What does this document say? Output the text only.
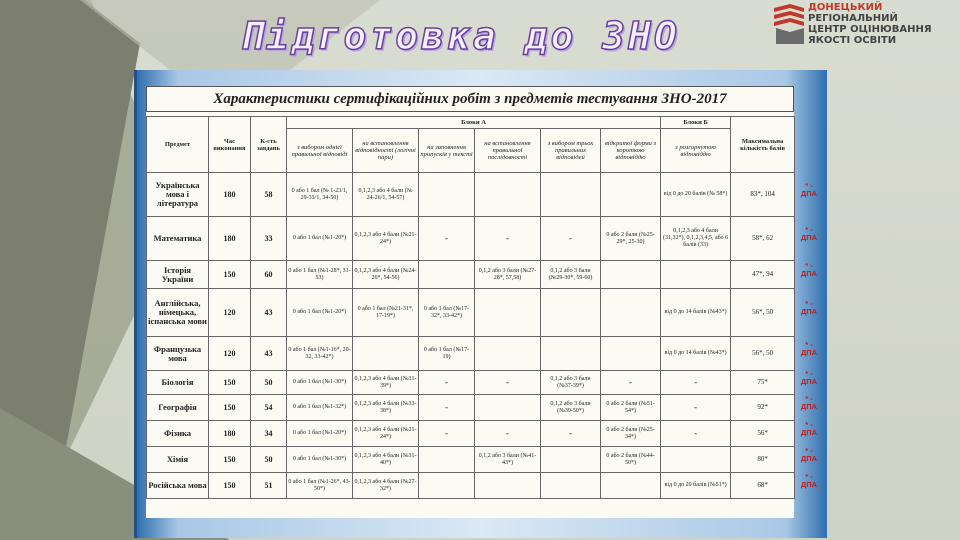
Підготовка до ЗНО
ДОНЕЦЬКИЙ
РЕГІОНАЛЬНИЙ
ЦЕНТР ОЦІНЮВАННЯ
ЯКОСТІ ОСВІТИ
Характеристики сертифікаційних робіт з предметів тестування ЗНО-2017
Предмет	Час виконання	К-сть завдань	Блоки А						Блоки Б	Максимальна кількість балів
			з вибором однієї правильної відповіді	на встановлення відповідності (логічні пари)	на заповнення пропусків у тексті	на встановлення правильної послідовності	з вибором трьох правильних відповідей	відкритої форми з короткою відповіддю	з розгорнутою відповіддю	
Українська мова і література	180	58	0 або 1 бал (№ 1-23/1, 29-33/1, 34-50)	0,1,2,3 або 4 бали (№ 24-26/1, 54-57)					від 0 до 20 балів (№ 58*)	83*, 104
Математика	180	33	0 або 1 бал (№1-20*)	0,1,2,3 або 4 бали (№21-24*)	-	-	-	0 або 2 бали (№25-29*, 25-30)	0,1,2,3 або 4 бали (31,32*), 0,1,2,3,4,5, або 6 балів (33)	58*, 62
Історія України	150	60	0 або 1 бал (№1-28*, 31-53)	0,1,2,3 або 4 бали (№24-26*, 54-56)		0,1,2 або 3 бали (№27-28*, 57,58)	0,1,2 або 3 бали (№29-30*, 59-60)			47*, 94
Англійська, німецька, іспанська мови	120	43	0 або 1 бал (№1-20*)	0 або 1 бал (№21-31*, 17-19*)	0 або 1 бал (№17-32*, 33-42*)				від 0 до 14 балів (№43*)	56*, 50
Французька мова	120	43	0 або 1 бал (№1-16*, 20-32, 33-42*)		0 або 1 бал (№17-19)				від 0 до 14 балів (№43*)	56*, 50
Біологія	150	50	0 або 1 бал (№1-30*)	0,1,2,3 або 4 бали (№31-39*)	-	-	0,1,2 або 3 бали (№37-39*)	-	-	75*
Географія	150	54	0 або 1 бал (№1-32*)	0,1,2,3 або 4 бали (№33-38*)	-		0,1,2 або 3 бали (№39-50*)	0 або 2 бали (№51-54*)	-	92*
Фізика	180	34	0 або 1 бал (№1-20*)	0,1,2,3 або 4 бали (№21-24*)	-	-	-	0 або 2 бали (№25-34*)	-	56*
Хімія	150	50	0 або 1 бал (№1-30*)	0,1,2,3 або 4 бали (№31-40*)		0,1,2 або 3 бали (№41-43*)		0 або 2 бали (№44-50*)		80*
Російська мова	150	51	0 або 1 бал (№1-26*, 43-50*)	0,1,2,3 або 4 бали (№27-32*)					від 0 до 20 балів (№51*)	68*
* - ДПА
* - ДПА
* - ДПА
* - ДПА
* - ДПА
* - ДПА
* - ДПА
* - ДПА
* - ДПА
* - ДПА
